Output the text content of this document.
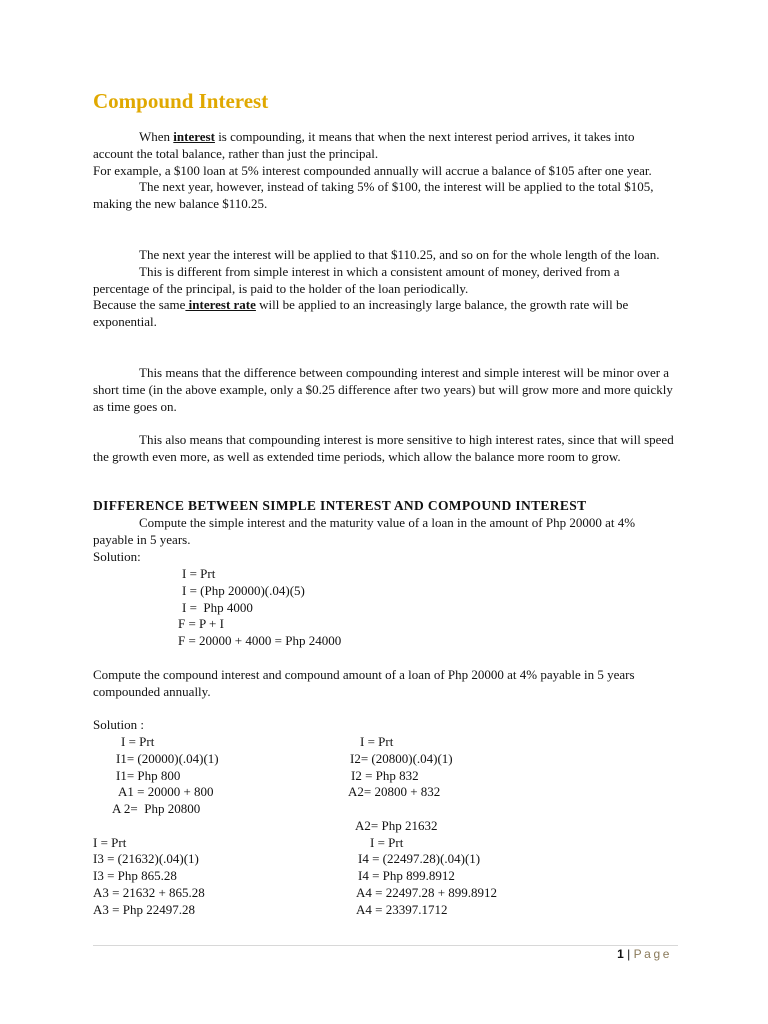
Compound Interest

When interest is compounding, it means that when the next interest period arrives, it takes into account the total balance, rather than just the principal.
For example, a $100 loan at 5% interest compounded annually will accrue a balance of $105 after one year.
The next year, however, instead of taking 5% of $100, the interest will be applied to the total $105, making the new balance $110.25.

The next year the interest will be applied to that $110.25, and so on for the whole length of the loan.
This is different from simple interest in which a consistent amount of money, derived from a percentage of the principal, is paid to the holder of the loan periodically.
Because the same interest rate will be applied to an increasingly large balance, the growth rate will be exponential.

This means that the difference between compounding interest and simple interest will be minor over a short time (in the above example, only a $0.25 difference after two years) but will grow more and more quickly as time goes on.

This also means that compounding interest is more sensitive to high interest rates, since that will speed the growth even more, as well as extended time periods, which allow the balance more room to grow.

DIFFERENCE BETWEEN SIMPLE INTEREST AND COMPOUND INTEREST

Compute the simple interest and the maturity value of a loan in the amount of Php 20000 at 4% payable in 5 years.
Solution:

I = Prt
I = (Php 20000)(.04)(5)
I =  Php 4000
F = P + I
F = 20000 + 4000 = Php 24000

Compute the compound interest and compound amount of a loan of Php 20000 at 4% payable in 5 years compounded annually.

Solution :
I = Prt
I1= (20000)(.04)(1)
I1= Php 800
A1 = 20000 + 800
A 2=  Php 20800
I = Prt
I2= (20800)(.04)(1)
I2 = Php 832
A2= 20800 + 832
A2= Php 21632
I = Prt
I3 = (21632)(.04)(1)
I3 = Php 865.28
A3 = 21632 + 865.28
A3 = Php 22497.28
I = Prt
I4 = (22497.28)(.04)(1)
I4 = Php 899.8912
A4 = 22497.28 + 899.8912
A4 = 23397.1712
1 | Page
